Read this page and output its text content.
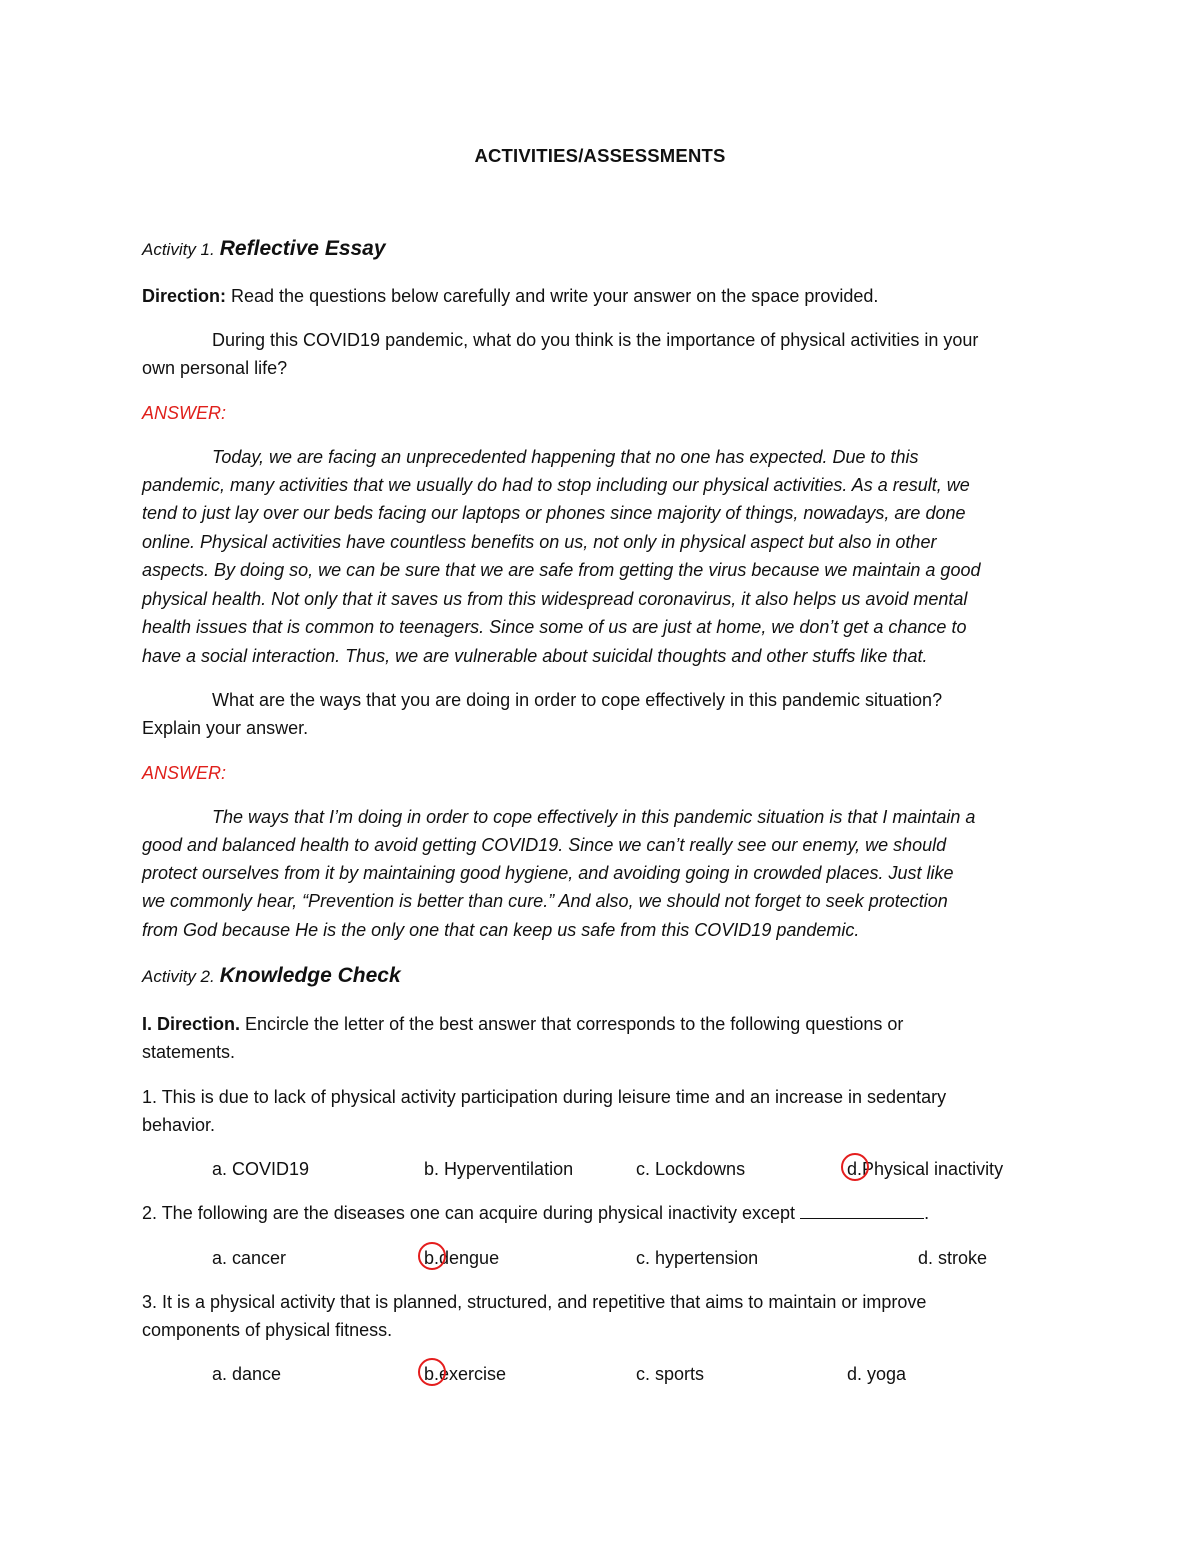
ACTIVITIES/ASSESSMENTS
Activity 1. Reflective Essay
Direction: Read the questions below carefully and write your answer on the space provided.
During this COVID19 pandemic, what do you think is the importance of physical activities in your
own personal life?
ANSWER:
Today, we are facing an unprecedented happening that no one has expected. Due to this
pandemic, many activities that we usually do had to stop including our physical activities. As a result, we
tend to just lay over our beds facing our laptops or phones since majority of things, nowadays, are done
online. Physical activities have countless benefits on us, not only in physical aspect but also in other
aspects. By doing so, we can be sure that we are safe from getting the virus because we maintain a good
physical health. Not only that it saves us from this widespread coronavirus, it also helps us avoid mental
health issues that is common to teenagers. Since some of us are just at home, we don’t get a chance to
have a social interaction. Thus, we are vulnerable about suicidal thoughts and other stuffs like that.
What are the ways that you are doing in order to cope effectively in this pandemic situation?
Explain your answer.
ANSWER:
The ways that I’m doing in order to cope effectively in this pandemic situation is that I maintain a
good and balanced health to avoid getting COVID19. Since we can’t really see our enemy, we should
protect ourselves from it by maintaining good hygiene, and avoiding going in crowded places. Just like
we commonly hear, “Prevention is better than cure.” And also, we should not forget to seek protection
from God because He is the only one that can keep us safe from this COVID19 pandemic.
Activity 2. Knowledge Check
I. Direction. Encircle the letter of the best answer that corresponds to the following questions or
statements.
1. This is due to lack of physical activity participation during leisure time and an increase in sedentary
behavior.
a. COVID19	b. Hyperventilation	c. Lockdowns	d.Physical inactivity
2. The following are the diseases one can acquire during physical inactivity except	.
a. cancer	b.dengue	c. hypertension	d. stroke
3. It is a physical activity that is planned, structured, and repetitive that aims to maintain or improve
components of physical fitness.
a. dance	b.exercise	c. sports	d. yoga
